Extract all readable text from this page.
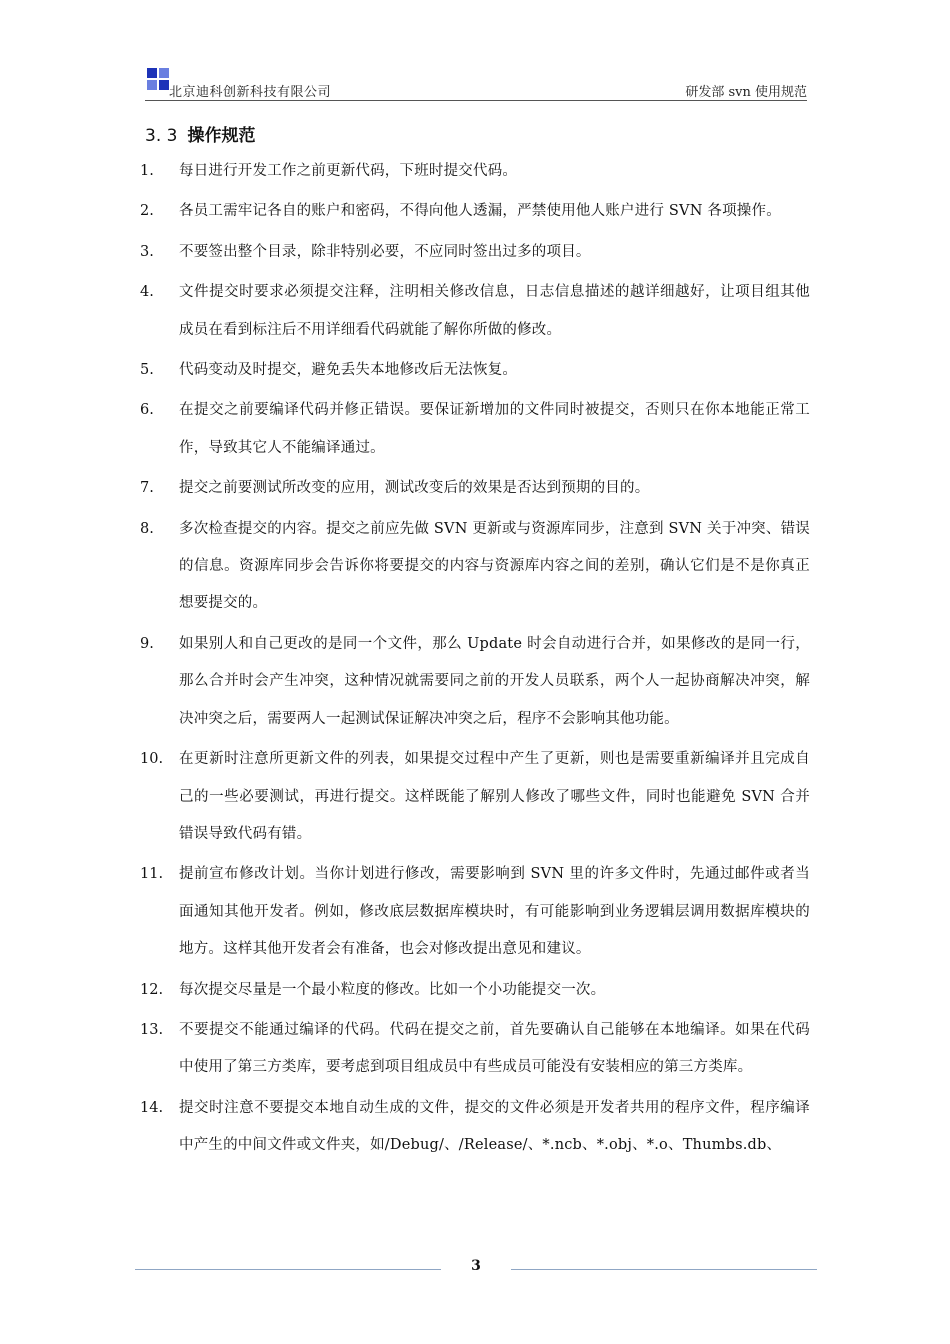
北京迪科创新科技有限公司	研发部 svn 使用规范
3. 3 操作规范
1.	每日进行开发工作之前更新代码，下班时提交代码。
2.	各员工需牢记各自的账户和密码，不得向他人透漏，严禁使用他人账户进行 SVN 各项操作。
3.	不要签出整个目录，除非特别必要，不应同时签出过多的项目。
4.	文件提交时要求必须提交注释，注明相关修改信息，日志信息描述的越详细越好，让项目组其他成员在看到标注后不用详细看代码就能了解你所做的修改。
5.	代码变动及时提交，避免丢失本地修改后无法恢复。
6.	在提交之前要编译代码并修正错误。要保证新增加的文件同时被提交，否则只在你本地能正常工作，导致其它人不能编译通过。
7.	提交之前要测试所改变的应用，测试改变后的效果是否达到预期的目的。
8.	多次检查提交的内容。提交之前应先做 SVN 更新或与资源库同步，注意到 SVN 关于冲突、错误的信息。资源库同步会告诉你将要提交的内容与资源库内容之间的差别，确认它们是不是你真正想要提交的。
9.	如果别人和自己更改的是同一个文件，那么 Update 时会自动进行合并，如果修改的是同一行，那么合并时会产生冲突，这种情况就需要同之前的开发人员联系，两个人一起协商解决冲突，解决冲突之后，需要两人一起测试保证解决冲突之后，程序不会影响其他功能。
10.	在更新时注意所更新文件的列表，如果提交过程中产生了更新，则也是需要重新编译并且完成自己的一些必要测试，再进行提交。这样既能了解别人修改了哪些文件，同时也能避免 SVN 合并错误导致代码有错。
11.	提前宣布修改计划。当你计划进行修改，需要影响到 SVN 里的许多文件时，先通过邮件或者当面通知其他开发者。例如，修改底层数据库模块时，有可能影响到业务逻辑层调用数据库模块的地方。这样其他开发者会有准备，也会对修改提出意见和建议。
12.	每次提交尽量是一个最小粒度的修改。比如一个小功能提交一次。
13.	不要提交不能通过编译的代码。代码在提交之前，首先要确认自己能够在本地编译。如果在代码中使用了第三方类库，要考虑到项目组成员中有些成员可能没有安装相应的第三方类库。
14.	提交时注意不要提交本地自动生成的文件，提交的文件必须是开发者共用的程序文件，程序编译中产生的中间文件或文件夹，如/Debug/、/Release/、*.ncb、*.obj、*.o、Thumbs.db、
3
